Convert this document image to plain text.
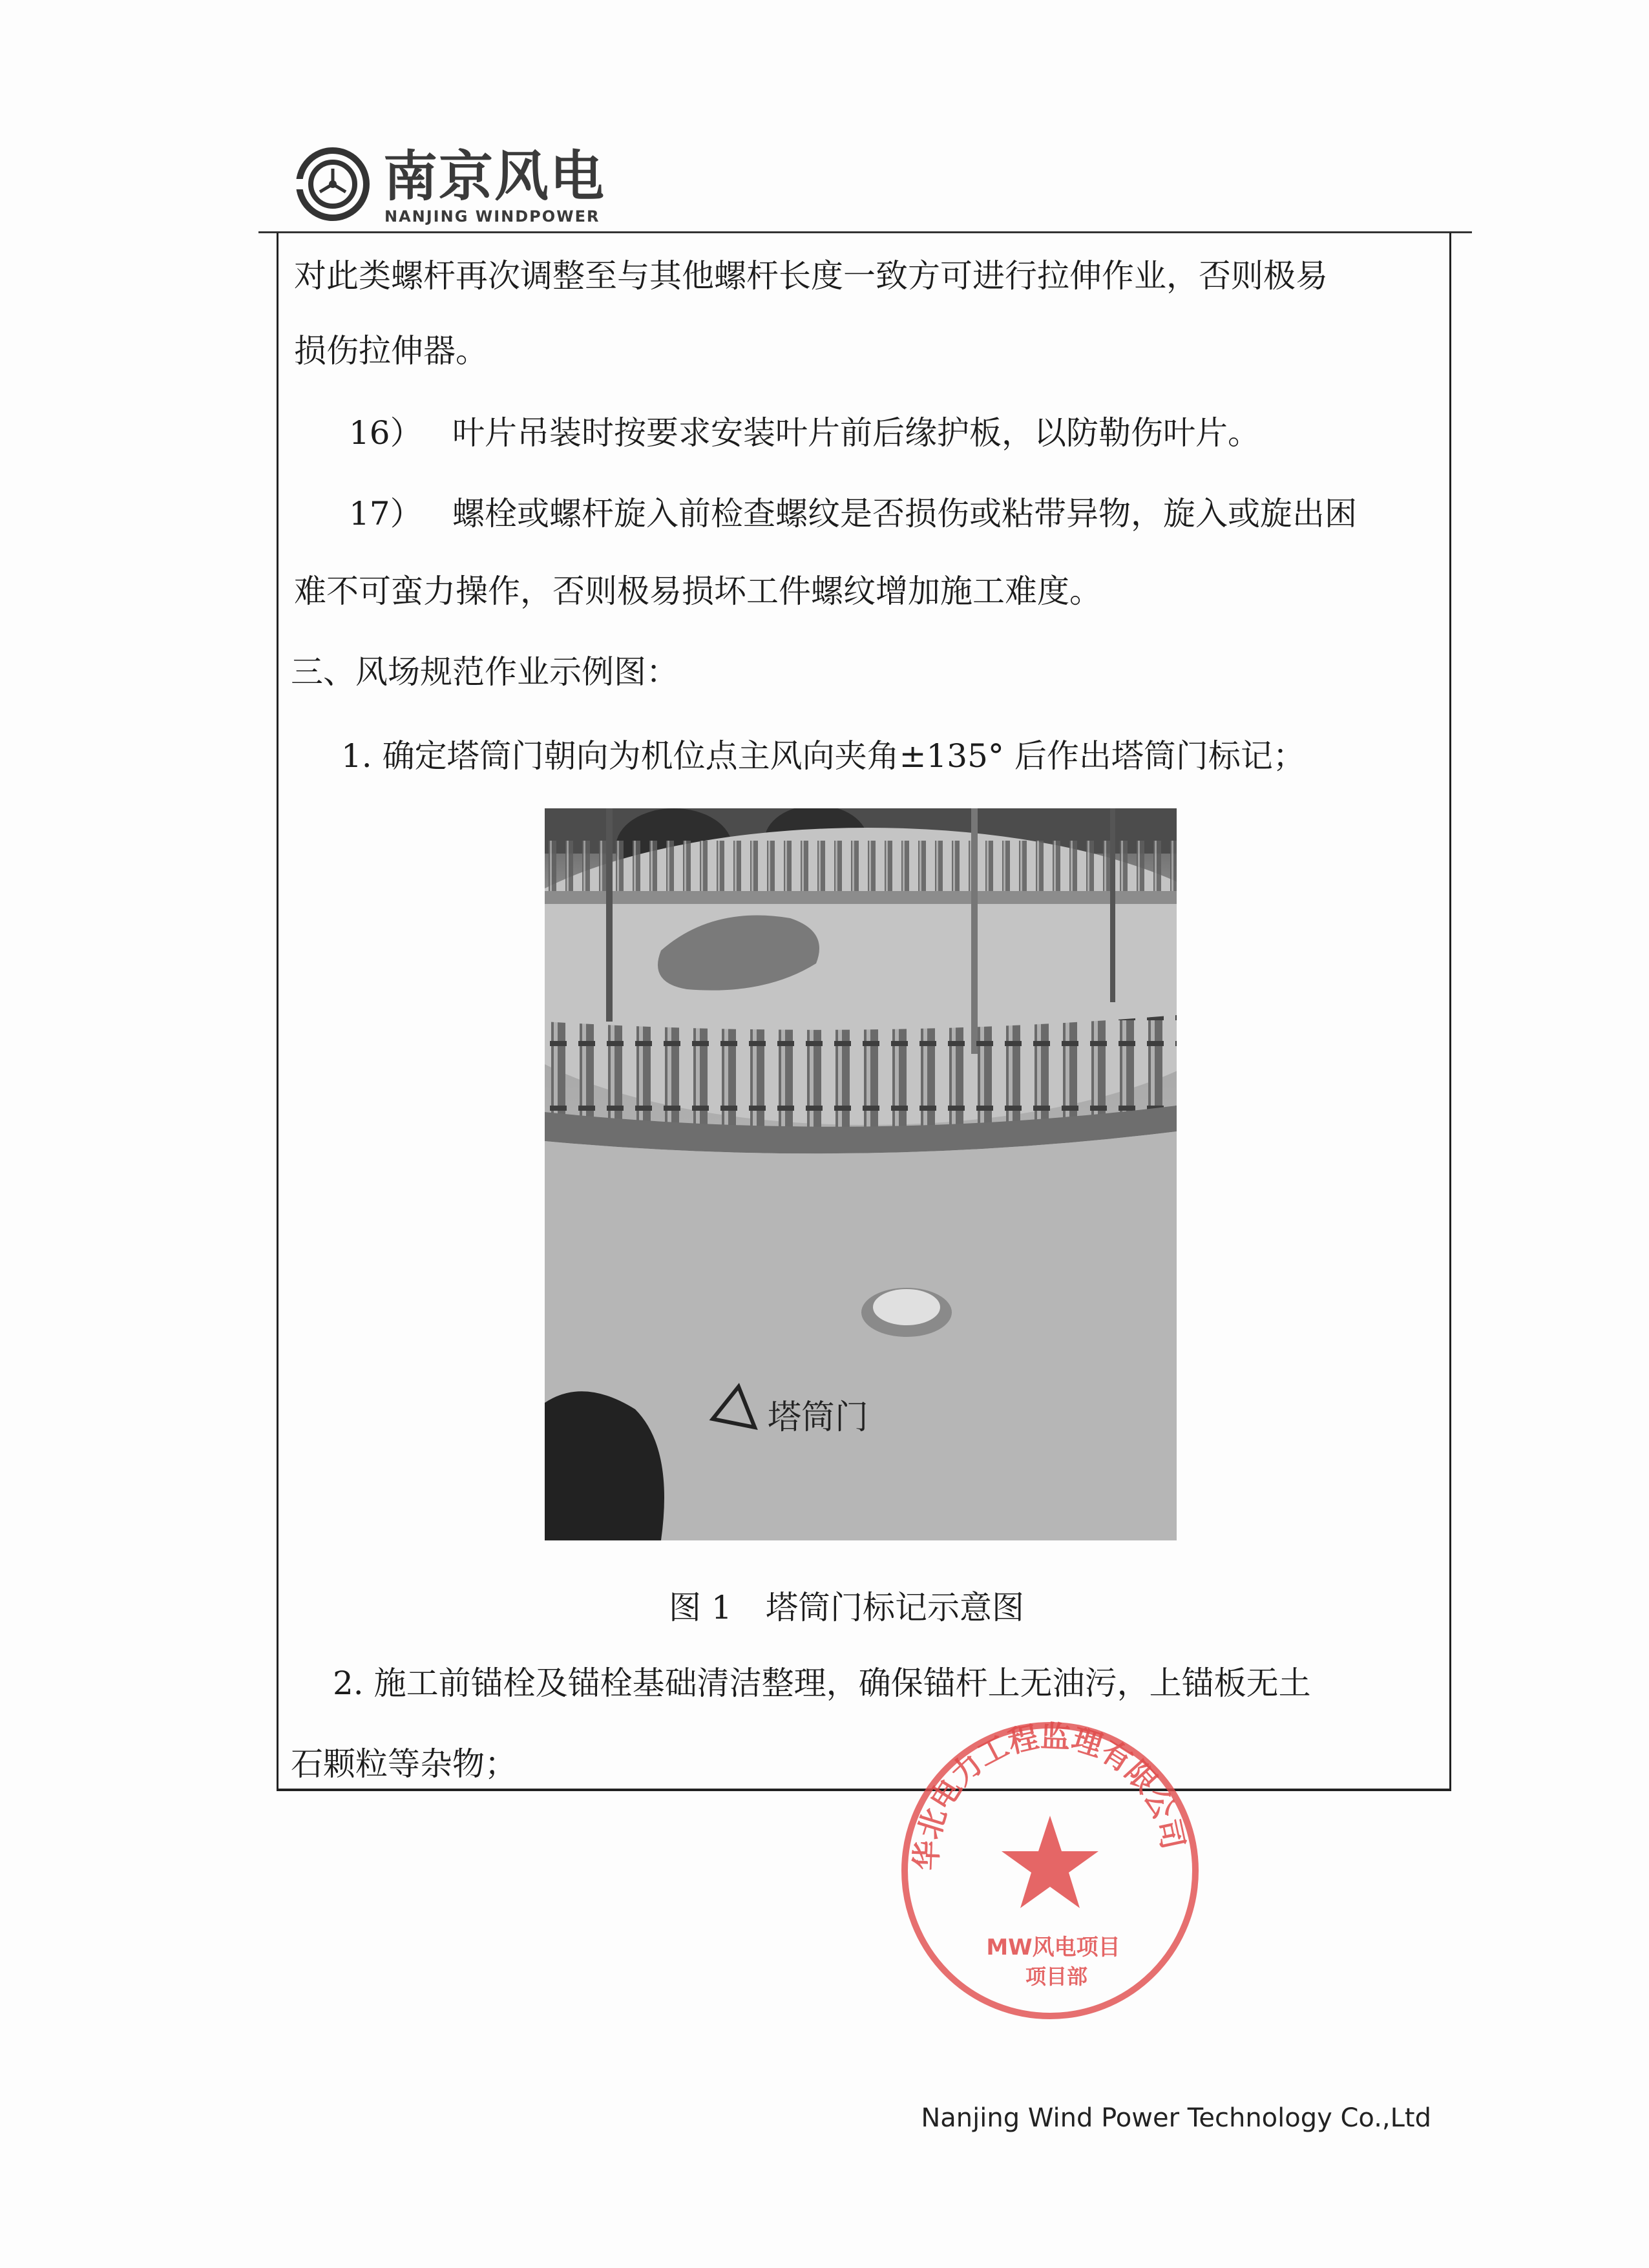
南京风电
NANJING WINDPOWER
对此类螺杆再次调整至与其他螺杆长度一致方可进行拉伸作业，否则极易
损伤拉伸器。
16） 叶片吊装时按要求安装叶片前后缘护板，以防勒伤叶片。
17） 螺栓或螺杆旋入前检查螺纹是否损伤或粘带异物，旋入或旋出困
难不可蛮力操作，否则极易损坏工件螺纹增加施工难度。
三、风场规范作业示例图：
1. 确定塔筒门朝向为机位点主风向夹角±135° 后作出塔筒门标记；
塔筒门
图 1 塔筒门标记示意图
2. 施工前锚栓及锚栓基础清洁整理，确保锚杆上无油污，上锚板无土
石颗粒等杂物；
华北电力工程监理有限公司
MW风电项目
项目部
Nanjing Wind Power Technology Co.,Ltd
